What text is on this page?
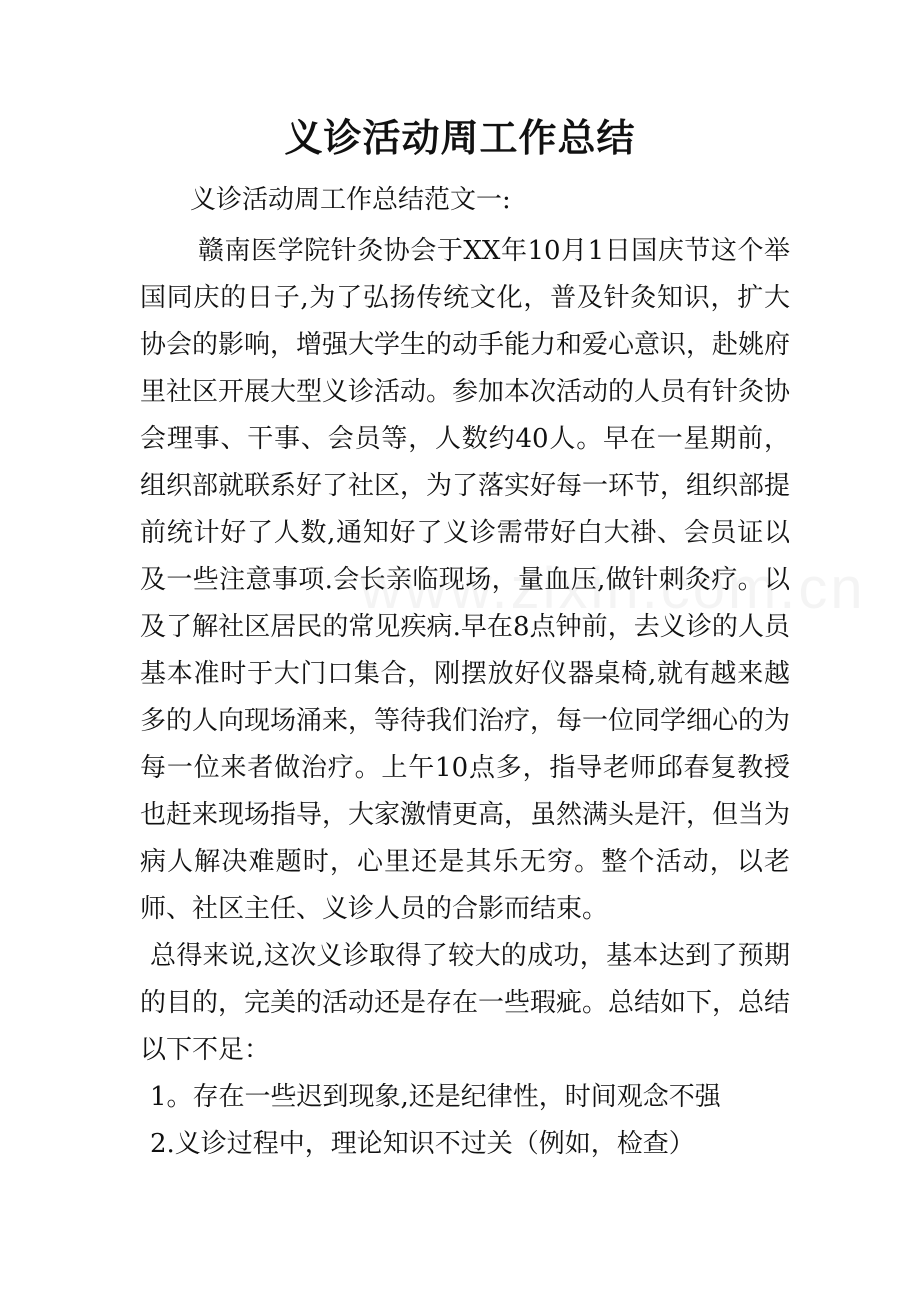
义诊活动周工作总结
义诊活动周工作总结范文一:

赣南医学院针灸协会于XX年10月1日国庆节这个举国同庆的日子,为了弘扬传统文化，普及针灸知识，扩大协会的影响，增强大学生的动手能力和爱心意识，赴姚府里社区开展大型义诊活动。参加本次活动的人员有针灸协会理事、干事、会员等，人数约40人。早在一星期前，组织部就联系好了社区，为了落实好每一环节，组织部提前统计好了人数,通知好了义诊需带好白大褂、会员证以及一些注意事项.会长亲临现场，量血压,做针刺灸疗。以及了解社区居民的常见疾病.早在8点钟前，去义诊的人员基本准时于大门口集合，刚摆放好仪器桌椅,就有越来越多的人向现场涌来，等待我们治疗，每一位同学细心的为每一位来者做治疗。上午10点多，指导老师邱春复教授也赶来现场指导，大家激情更高，虽然满头是汗，但当为病人解决难题时，心里还是其乐无穷。整个活动，以老师、社区主任、义诊人员的合影而结束。

总得来说,这次义诊取得了较大的成功，基本达到了预期的目的，完美的活动还是存在一些瑕疵。总结如下，总结以下不足：

1。存在一些迟到现象,还是纪律性，时间观念不强

2.义诊过程中，理论知识不过关（例如，检查）
